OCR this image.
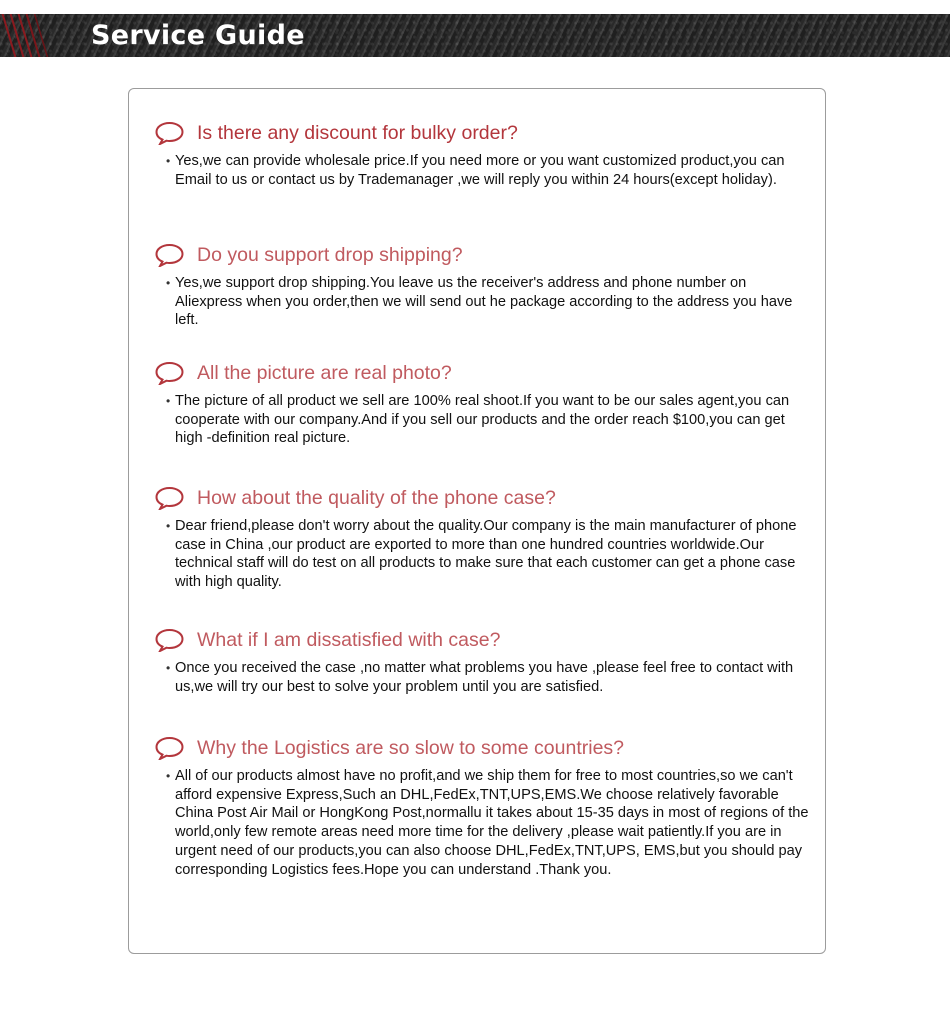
Service Guide
Is there any discount for bulky order?
• Yes,we can provide wholesale price.If you need more or you want customized product,you can Email to us or contact us by Trademanager ,we will reply you within 24 hours(except holiday).
Do you support drop shipping?
• Yes,we support drop shipping.You leave us the receiver's address and phone number on Aliexpress when you order,then we will send out he package according to the address you have left.
All the picture are real photo?
• The picture of all product we sell are 100% real shoot.If you want to be our sales agent,you can cooperate with our company.And if you sell our products and the order reach $100,you can get high -definition real picture.
How about the quality of the phone case?
• Dear friend,please don't worry about the quality.Our company is the main manufacturer of phone case in China ,our product are exported to more than one hundred countries worldwide.Our technical staff will do test on all products to make sure that each customer can get a phone case with high quality.
What if I am dissatisfied with case?
• Once you received the case ,no matter what problems you have ,please feel free to contact with us,we will try our best to solve your problem until you are satisfied.
Why the Logistics are so slow to some countries?
• All of our products almost have no profit,and we ship them for free to most countries,so we can't afford expensive Express,Such an DHL,FedEx,TNT,UPS,EMS.We choose relatively favorable China Post Air Mail or HongKong Post,normallu it takes about 15-35 days in most of regions of the world,only few remote areas need more time for the delivery ,please wait patiently.If you are in urgent need of our products,you can also choose DHL,FedEx,TNT,UPS, EMS,but you should pay corresponding Logistics fees.Hope you can understand .Thank you.
